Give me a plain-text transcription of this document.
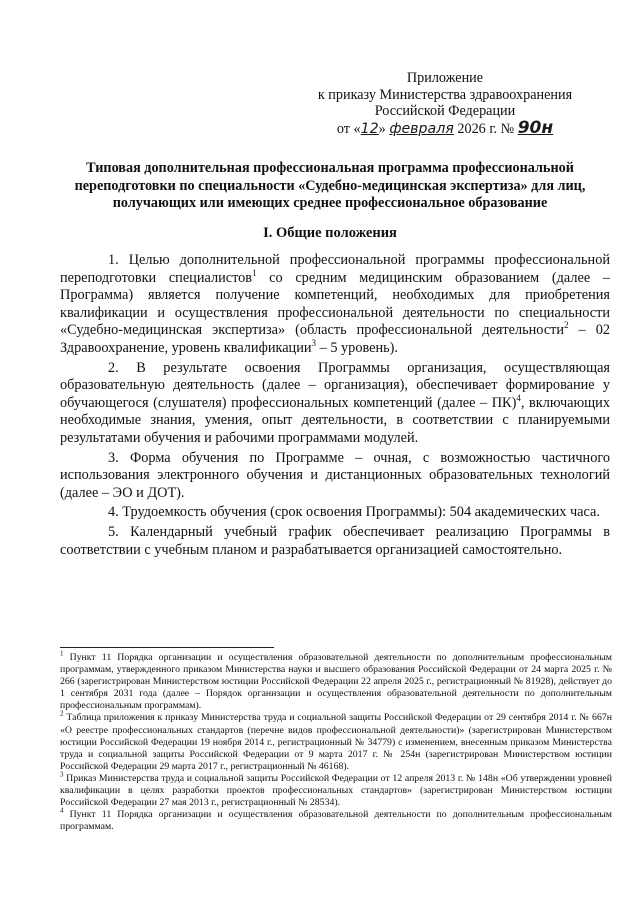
Приложение
к приказу Министерства здравоохранения
Российской Федерации
от «12» февраля 2026 г. № 90н
Типовая дополнительная профессиональная программа профессиональной переподготовки по специальности «Судебно-медицинская экспертиза» для лиц, получающих или имеющих среднее профессиональное образование
I. Общие положения

1. Целью дополнительной профессиональной программы профессиональной переподготовки специалистов$^1$ со средним медицинским образованием (далее – Программа) является получение компетенций, необходимых для приобретения квалификации и осуществления профессиональной деятельности по специальности «Судебно-медицинская экспертиза» (область профессиональной деятельности$^2$ – 02 Здравоохранение, уровень квалификации$^3$ – 5 уровень).

2. В результате освоения Программы организация, осуществляющая образовательную деятельность (далее – организация), обеспечивает формирование у обучающегося (слушателя) профессиональных компетенций (далее – ПК)$^4$, включающих необходимые знания, умения, опыт деятельности, в соответствии с планируемыми результатами обучения и рабочими программами модулей.

3. Форма обучения по Программе – очная, с возможностью частичного использования электронного обучения и дистанционных образовательных технологий (далее – ЭО и ДОТ).

4. Трудоемкость обучения (срок освоения Программы): 504 академических часа.

5. Календарный учебный график обеспечивает реализацию Программы в соответствии с учебным планом и разрабатывается организацией самостоятельно.

$^1$ Пункт 11 Порядка организации и осуществления образовательной деятельности по дополнительным профессиональным программам, утвержденного приказом Министерства науки и высшего образования Российской Федерации от 24 марта 2025 г. № 266 (зарегистрирован Министерством юстиции Российской Федерации 22 апреля 2025 г., регистрационный № 81928), действует до 1 сентября 2031 года (далее – Порядок организации и осуществления образовательной деятельности по дополнительным профессиональным программам).

$^2$ Таблица приложения к приказу Министерства труда и социальной защиты Российской Федерации от 29 сентября 2014 г. № 667н «О реестре профессиональных стандартов (перечне видов профессиональной деятельности)» (зарегистрирован Министерством юстиции Российской Федерации 19 ноября 2014 г., регистрационный № 34779) с изменением, внесенным приказом Министерства труда и социальной защиты Российской Федерации от 9 марта 2017 г. № 254н (зарегистрирован Министерством юстиции Российской Федерации 29 марта 2017 г., регистрационный № 46168).

$^3$ Приказ Министерства труда и социальной защиты Российской Федерации от 12 апреля 2013 г. № 148н «Об утверждении уровней квалификации в целях разработки проектов профессиональных стандартов» (зарегистрирован Министерством юстиции Российской Федерации 27 мая 2013 г., регистрационный № 28534).

$^4$ Пункт 11 Порядка организации и осуществления образовательной деятельности по дополнительным профессиональным программам.
